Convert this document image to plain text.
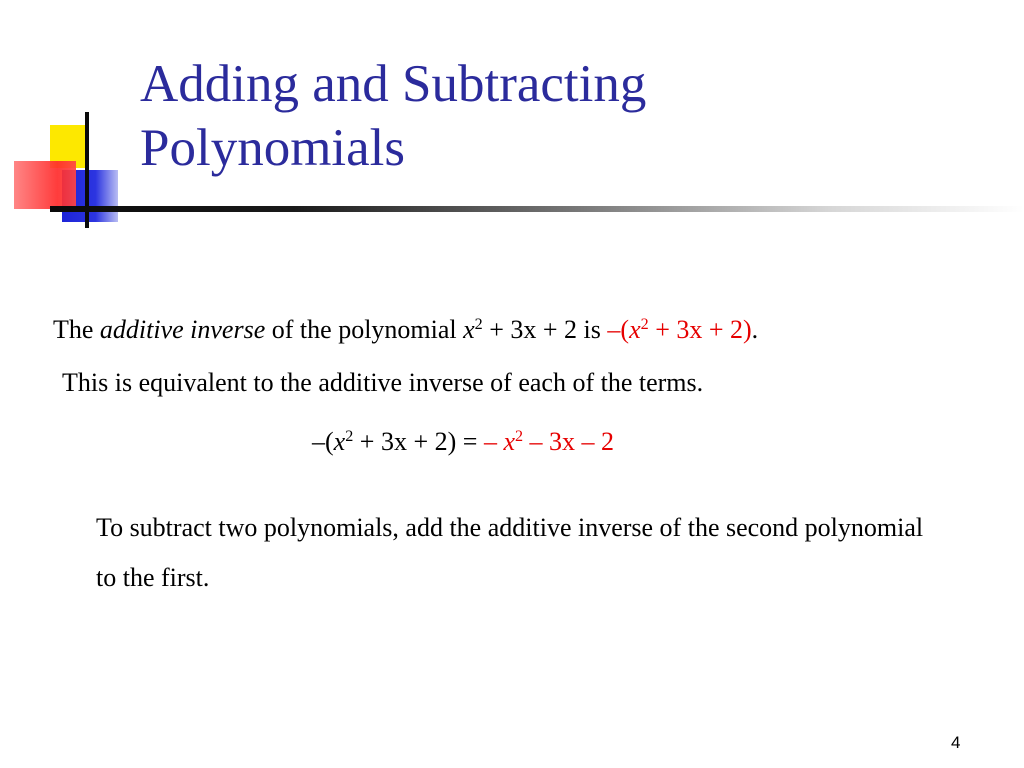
Adding and Subtracting
Polynomials
The additive inverse of the polynomial $x^2 + 3x + 2$ is $-(x^2 + 3x + 2)$.
This is equivalent to the additive inverse of each of the terms.
$-(x^2 + 3x + 2)$ = – $x^2 - 3x - 2$
To subtract two polynomials, add the additive inverse of the second polynomial to the first.
4
